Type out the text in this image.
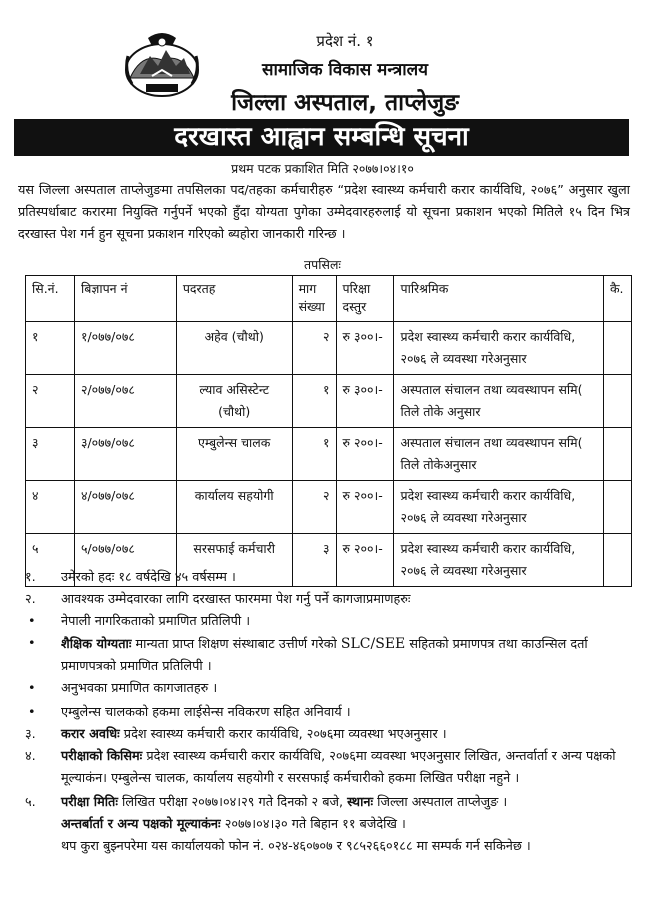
प्रदेश नं. १
सामाजिक विकास मन्त्रालय
जिल्ला अस्पताल, ताप्लेजुङ
दरखास्त आह्वान सम्बन्धि सूचना
प्रथम पटक प्रकाशित मिति २०७७।०४।१०
यस जिल्ला अस्पताल ताप्लेजुङमा तपसिलका पद/तहका कर्मचारीहरु “प्रदेश स्वास्थ्य कर्मचारी करार कार्यविधि, २०७६” अनुसार खुला प्रतिस्पर्धाबाट करारमा नियुक्ति गर्नुपर्ने भएको हुँदा योग्यता पुगेका उम्मेदवारहरुलाई यो सूचना प्रकाशन भएको मितिले १५ दिन भित्र दरखास्त पेश गर्न हुन सूचना प्रकाशन गरिएको ब्यहोरा जानकारी गरिन्छ ।
तपसिलः
सि.नं.	बिज्ञापन नं	पदरतह	माग संख्या	परिक्षा दस्तुर	पारिश्रमिक	कै.
१	१/०७७/०७८	अहेव (चौथो)	२	रु ३००।-	प्रदेश स्वास्थ्य कर्मचारी करार कार्यविधि, २०७६ ले व्यवस्था गरेअनुसार	
२	२/०७७/०७८	ल्याव असिस्टेन्ट (चौथो)	१	रु ३००।-	अस्पताल संचालन तथा व्यवस्थापन समि( तिले तोके अनुसार	
३	३/०७७/०७८	एम्बुलेन्स चालक	१	रु २००।-	अस्पताल संचालन तथा व्यवस्थापन समि( तिले तोकेअनुसार	
४	४/०७७/०७८	कार्यालय सहयोगी	२	रु २००।-	प्रदेश स्वास्थ्य कर्मचारी करार कार्यविधि, २०७६ ले व्यवस्था गरेअनुसार	
५	५/०७७/०७८	सरसफाई कर्मचारी	३	रु २००।-	प्रदेश स्वास्थ्य कर्मचारी करार कार्यविधि, २०७६ ले व्यवस्था गरेअनुसार	
१.	उमेरको हदः १८ वर्षदेखि ४५ वर्षसम्म ।
२.	आवश्यक उम्मेदवारका लागि दरखास्त फारममा पेश गर्नु पर्ने कागजाप्रमाणहरुः
•	नेपाली नागरिकताको प्रमाणित प्रतिलिपी ।
•	शैक्षिक योग्यताः मान्यता प्राप्त शिक्षण संस्थाबाट उत्तीर्ण गरेको SLC/SEE सहितको प्रमाणपत्र तथा काउन्सिल दर्ता प्रमाणपत्रको प्रमाणित प्रतिलिपी ।
•	अनुभवका प्रमाणित कागजातहरु ।
•	एम्बुलेन्स चालकको हकमा लाईसेन्स नविकरण सहित अनिवार्य ।
३.	करार अवधिः प्रदेश स्वास्थ्य कर्मचारी करार कार्यविधि, २०७६मा व्यवस्था भएअनुसार ।
४.	परीक्षाको किसिमः प्रदेश स्वास्थ्य कर्मचारी करार कार्यविधि, २०७६मा व्यवस्था भएअनुसार लिखित, अन्तर्वार्ता र अन्य पक्षको मूल्याकंन। एम्बुलेन्स चालक, कार्यालय सहयोगी र सरसफाई कर्मचारीको हकमा लिखित परीक्षा नहुने ।
५.	परीक्षा मितिः लिखित परीक्षा २०७७।०४।२९ गते दिनको २ बजे, स्थानः जिल्ला अस्पताल ताप्लेजुङ ।
अन्तर्बार्ता र अन्य पक्षको मूल्याकंनः २०७७।०४।३० गते बिहान ११ बजेदेखि ।
थप कुरा बुझ्नपरेमा यस कार्यालयको फोन नं. ०२४-४६०७०७ र ९८५२६६०१८८ मा सम्पर्क गर्न सकिनेछ ।
